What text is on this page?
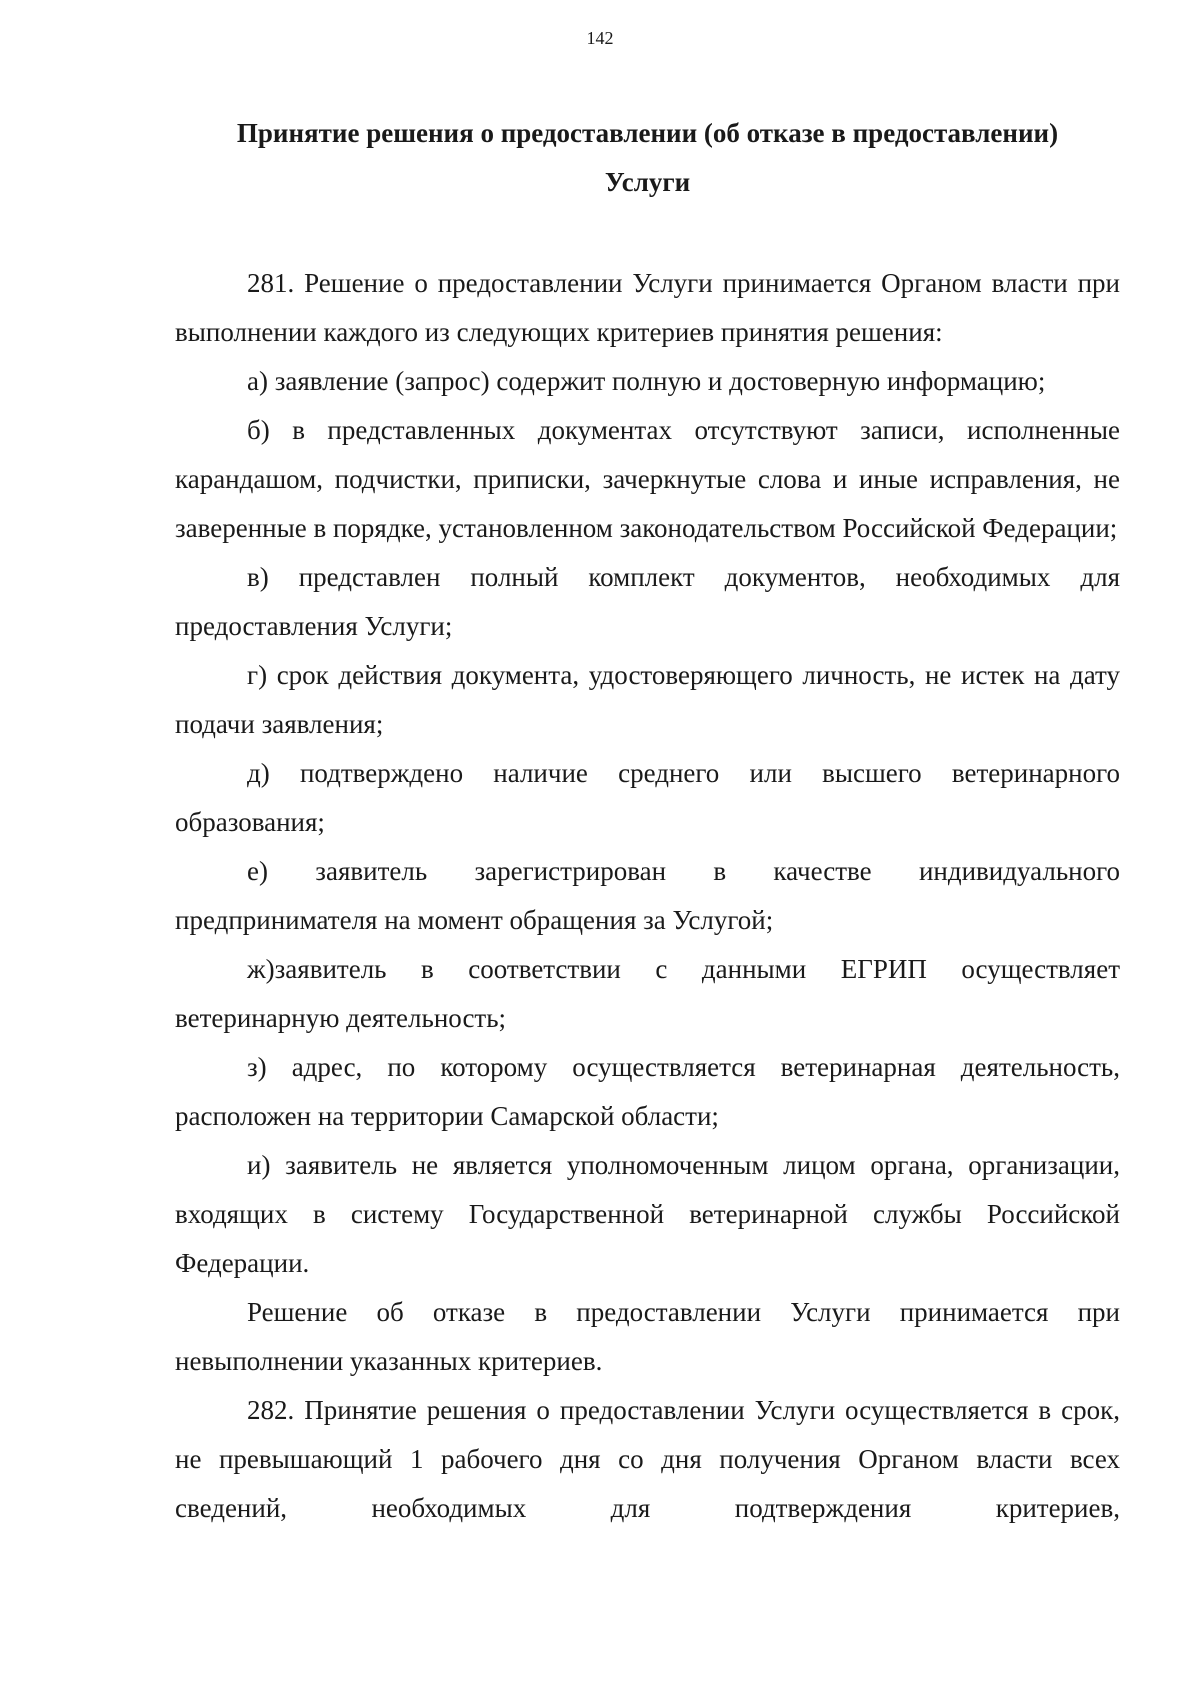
142
Принятие решения о предоставлении (об отказе в предоставлении)
Услуги

281. Решение о предоставлении Услуги принимается Органом власти при выполнении каждого из следующих критериев принятия решения:

а) заявление (запрос) содержит полную и достоверную информацию;

б) в представленных документах отсутствуют записи, исполненные карандашом, подчистки, приписки, зачеркнутые слова и иные исправления, не заверенные в порядке, установленном законодательством Российской Федерации;

в) представлен полный комплект документов, необходимых для предоставления Услуги;

г) срок действия документа, удостоверяющего личность, не истек на дату подачи заявления;

д) подтверждено наличие среднего или высшего ветеринарного образования;

е) заявитель зарегистрирован в качестве индивидуального предпринимателя на момент обращения за Услугой;

ж)заявитель в соответствии с данными ЕГРИП осуществляет ветеринарную деятельность;

з) адрес, по которому осуществляется ветеринарная деятельность, расположен на территории Самарской области;

и) заявитель не является уполномоченным лицом органа, организации, входящих в систему Государственной ветеринарной службы Российской Федерации.

Решение об отказе в предоставлении Услуги принимается при невыполнении указанных критериев.

282. Принятие решения о предоставлении Услуги осуществляется в срок, не превышающий 1 рабочего дня со дня получения Органом власти всех сведений, необходимых для подтверждения критериев,
